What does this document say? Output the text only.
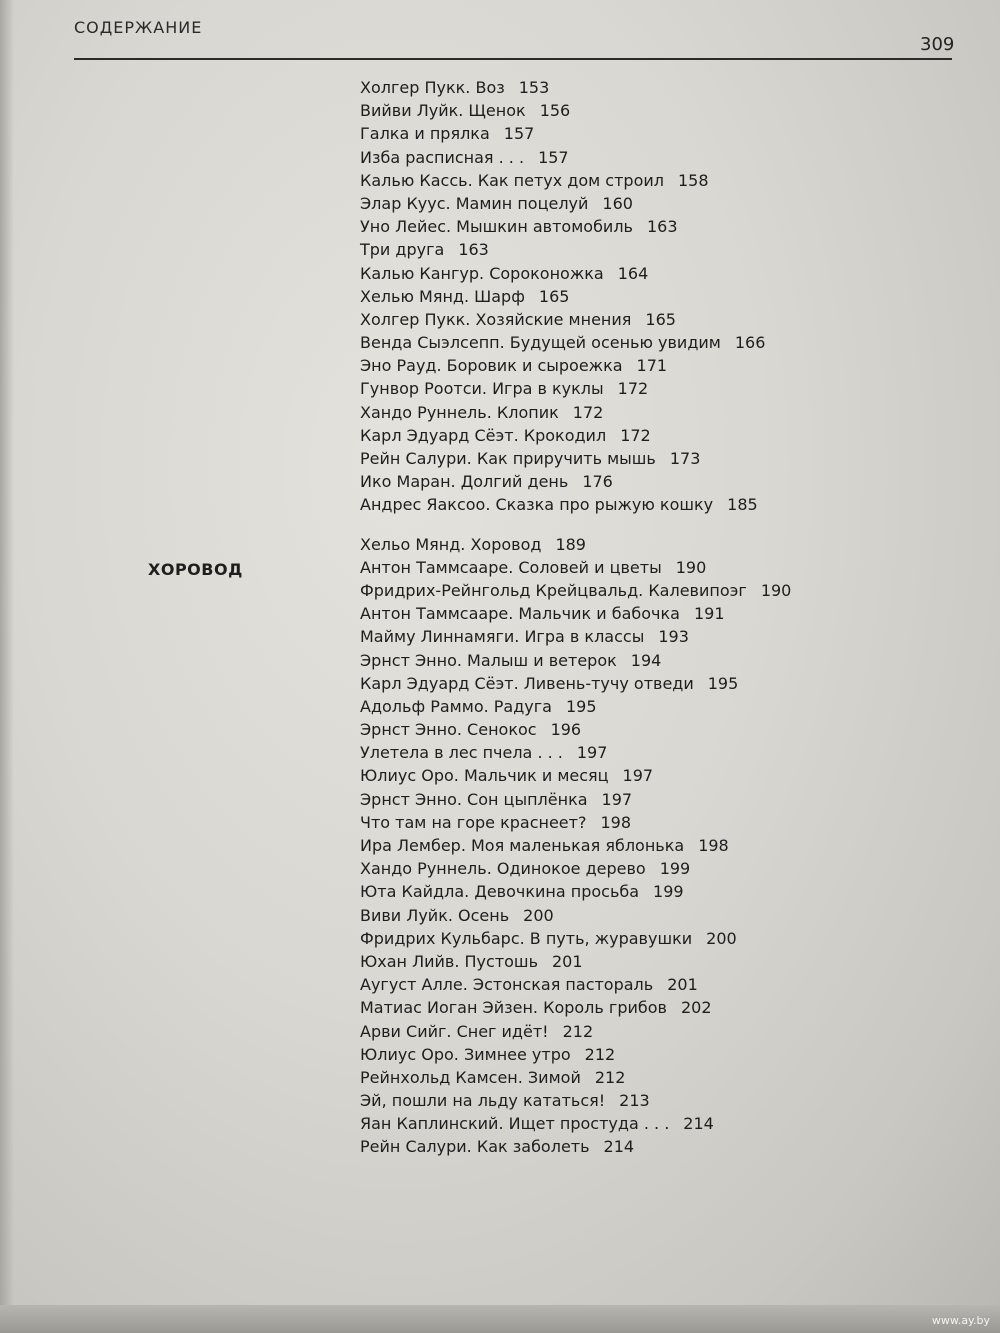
СОДЕРЖАНИЕ
309
ХОРОВОД
Холгер Пукк. Воз 153
Вийви Луйк. Щенок 156
Галка и прялка 157
Изба расписная . . . 157
Калью Кассь. Как петух дом строил 158
Элар Куус. Мамин поцелуй 160
Уно Лейес. Мышкин автомобиль 163
Три друга 163
Калью Кангур. Сороконожка 164
Хелью Мянд. Шарф 165
Холгер Пукк. Хозяйские мнения 165
Венда Сыэлсепп. Будущей осенью увидим 166
Эно Рауд. Боровик и сыроежка 171
Гунвор Роотси. Игра в куклы 172
Хандо Руннель. Клопик 172
Карл Эдуард Сёэт. Крокодил 172
Рейн Салури. Как приручить мышь 173
Ико Маран. Долгий день 176
Андрес Яаксоо. Сказка про рыжую кошку 185
Хельо Мянд. Хоровод 189
Антон Таммсааре. Соловей и цветы 190
Фридрих-Рейнгольд Крейцвальд. Калевипоэг 190
Антон Таммсааре. Мальчик и бабочка 191
Майму Линнамяги. Игра в классы 193
Эрнст Энно. Малыш и ветерок 194
Карл Эдуард Сёэт. Ливень-тучу отведи 195
Адольф Раммо. Радуга 195
Эрнст Энно. Сенокос 196
Улетела в лес пчела . . . 197
Юлиус Оро. Мальчик и месяц 197
Эрнст Энно. Сон цыплёнка 197
Что там на горе краснеет? 198
Ира Лембер. Моя маленькая яблонька 198
Хандо Руннель. Одинокое дерево 199
Юта Кайдла. Девочкина просьба 199
Виви Луйк. Осень 200
Фридрих Кульбарс. В путь, журавушки 200
Юхан Лийв. Пустошь 201
Аугуст Алле. Эстонская пастораль 201
Матиас Иоган Эйзен. Король грибов 202
Арви Сийг. Снег идёт! 212
Юлиус Оро. Зимнее утро 212
Рейнхольд Камсен. Зимой 212
Эй, пошли на льду кататься! 213
Яан Каплинский. Ищет простуда . . . 214
Рейн Салури. Как заболеть 214
www.ay.by
